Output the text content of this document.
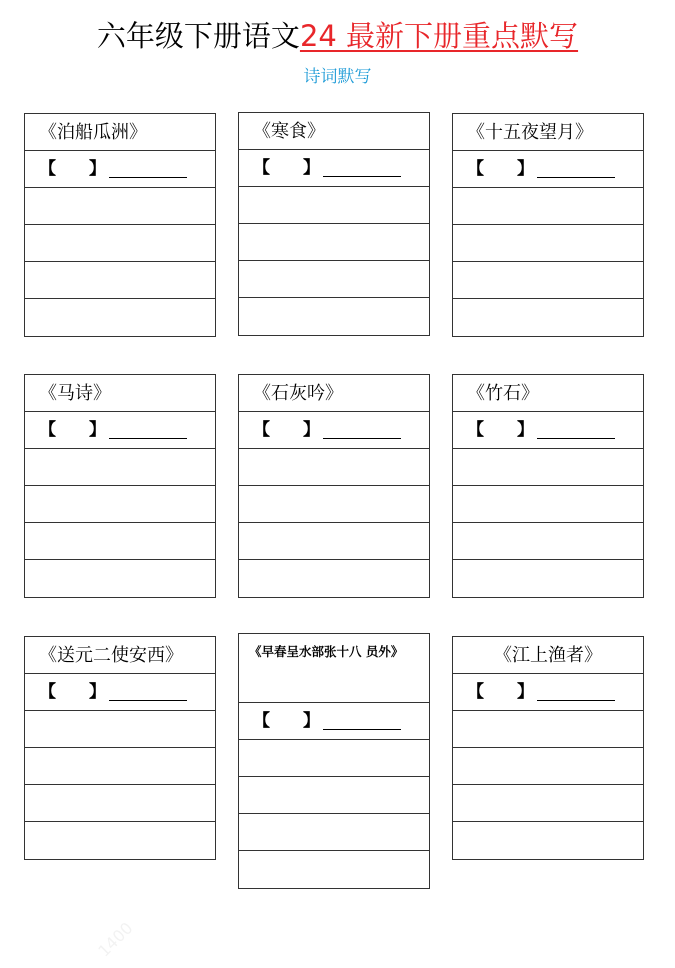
六年级下册语文24 最新下册重点默写
诗词默写
1400
《泊船瓜洲》
【 】
《寒食》
【 】
《十五夜望月》
【 】
《马诗》
【 】
《石灰吟》
【 】
《竹石》
【 】
《送元二使安西》
【 】
《早春呈水部张十八 员外》
【 】
《江上渔者》
【 】
